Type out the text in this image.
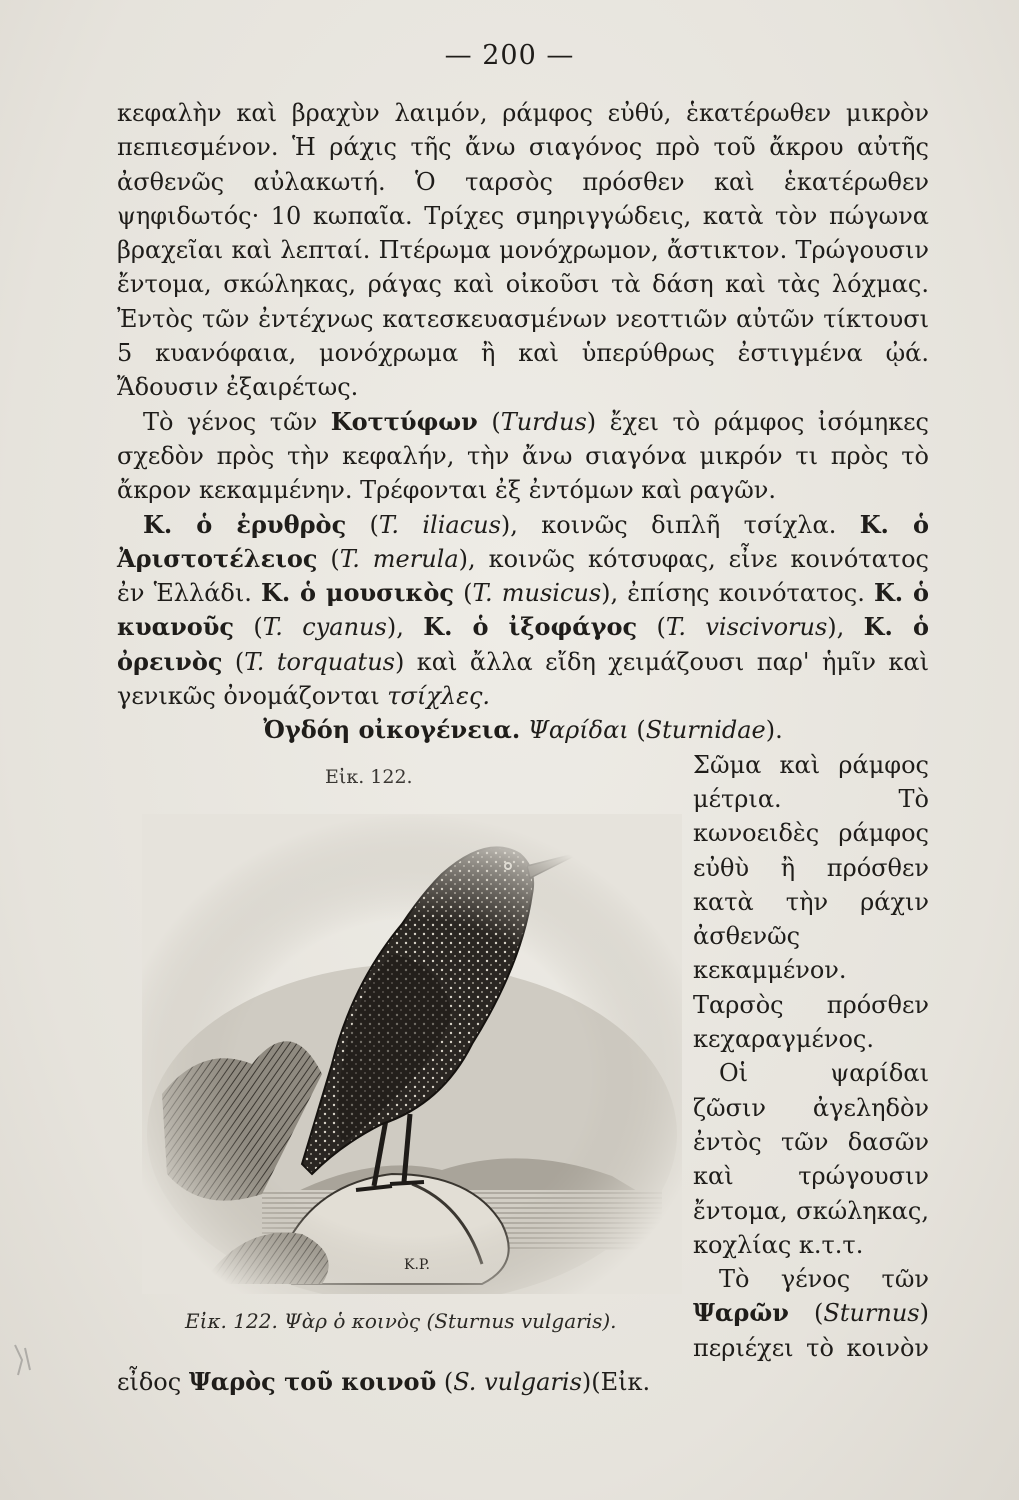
— 200 —

κεφαλὴν καὶ βραχὺν λαιμόν, ράμφος εὐθύ, ἑκατέρωθεν μικρὸν πεπιεσμένον. Ἡ ράχις τῆς ἄνω σιαγόνος πρὸ τοῦ ἄκρου αὐτῆς ἀσθενῶς αὐλακωτή. Ὁ ταρσὸς πρόσθεν καὶ ἑκατέρωθεν ψηφιδωτός· 10 κωπαῖα. Τρίχες σμηριγγώδεις, κατὰ τὸν πώγωνα βραχεῖαι καὶ λεπταί. Πτέρωμα μονόχρωμον, ἄστικτον. Τρώγουσιν ἔντομα, σκώληκας, ράγας καὶ οἰκοῦσι τὰ δάση καὶ τὰς λόχμας. Ἐντὸς τῶν ἐντέχνως κατεσκευασμένων νεοττιῶν αὐτῶν τίκτουσι 5 κυανόφαια, μονόχρωμα ἢ καὶ ὑπερύθρως ἐστιγμένα ᾠά. Ἄδουσιν ἐξαιρέτως.

Τὸ γένος τῶν Κοττύφων (Turdus) ἔχει τὸ ράμφος ἰσόμηκες σχεδὸν πρὸς τὴν κεφαλήν, τὴν ἄνω σιαγόνα μικρόν τι πρὸς τὸ ἄκρον κεκαμμένην. Τρέφονται ἐξ ἐντόμων καὶ ραγῶν.

Κ. ὁ ἐρυθρὸς (T. iliacus), κοινῶς διπλῆ τσίχλα. Κ. ὁ Ἀριστοτέλειος (T. merula), κοινῶς κότσυφας, εἶνε κοινότατος ἐν Ἑλλάδι. Κ. ὁ μουσικὸς (T. musicus), ἐπίσης κοινότατος. Κ. ὁ κυανοῦς (T. cyanus), Κ. ὁ ἰξοφάγος (T. viscivorus), Κ. ὁ ὀρεινὸς (T. torquatus) καὶ ἄλλα εἴδη χειμάζουσι παρ' ἡμῖν καὶ γενικῶς ὀνομάζονται τσίχλες.

Ὀγδόη οἰκογένεια. Ψαρίδαι (Sturnidae).

Εἰκ. 122.
K.P.
Εἰκ. 122. Ψὰρ ὁ κοινὸς (Sturnus vulgaris).

Σῶμα καὶ ράμφος μέτρια. Τὸ κωνοειδὲς ράμφος εὐθὺ ἢ πρόσθεν κατὰ τὴν ράχιν ἀσθενῶς κεκαμμένον. Ταρσὸς πρόσθεν κεχαραγμένος.

Οἱ ψαρίδαι ζῶσιν ἀγεληδὸν ἐντὸς τῶν δασῶν καὶ τρώγουσιν ἔντομα, σκώληκας, κοχλίας κ.τ.τ.

Τὸ γένος τῶν Ψαρῶν (Sturnus) περιέχει τὸ κοινὸν εἶδος Ψαρὸς τοῦ κοινοῦ (S. vulgaris)(Εἰκ.
